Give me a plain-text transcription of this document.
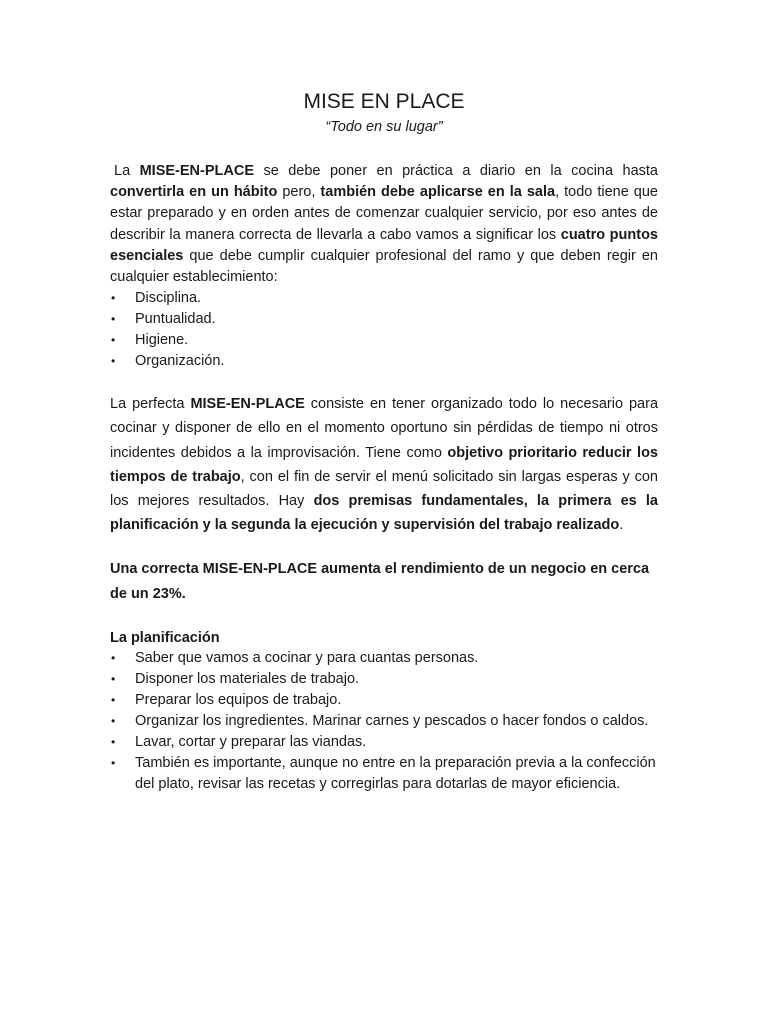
MISE EN PLACE
“Todo en su lugar”

La MISE-EN-PLACE se debe poner en práctica a diario en la cocina hasta convertirla en un hábito pero, también debe aplicarse en la sala, todo tiene que estar preparado y en orden antes de comenzar cualquier servicio, por eso antes de describir la manera correcta de llevarla a cabo vamos a significar los cuatro puntos esenciales que debe cumplir cualquier profesional del ramo y que deben regir en cualquier establecimiento:

• Disciplina.
• Puntualidad.
• Higiene.
• Organización.

La perfecta MISE-EN-PLACE consiste en tener organizado todo lo necesario para cocinar y disponer de ello en el momento oportuno sin pérdidas de tiempo ni otros incidentes debidos a la improvisación. Tiene como objetivo prioritario reducir los tiempos de trabajo, con el fin de servir el menú solicitado sin largas esperas y con los mejores resultados. Hay dos premisas fundamentales, la primera es la planificación y la segunda la ejecución y supervisión del trabajo realizado.

Una correcta MISE-EN-PLACE aumenta el rendimiento de un negocio en cerca de un 23%.

La planificación
• Saber que vamos a cocinar y para cuantas personas.
• Disponer los materiales de trabajo.
• Preparar los equipos de trabajo.
• Organizar los ingredientes. Marinar carnes y pescados o hacer fondos o caldos.
• Lavar, cortar y preparar las viandas.
• También es importante, aunque no entre en la preparación previa a la confección del plato, revisar las recetas y corregirlas para dotarlas de mayor eficiencia.
